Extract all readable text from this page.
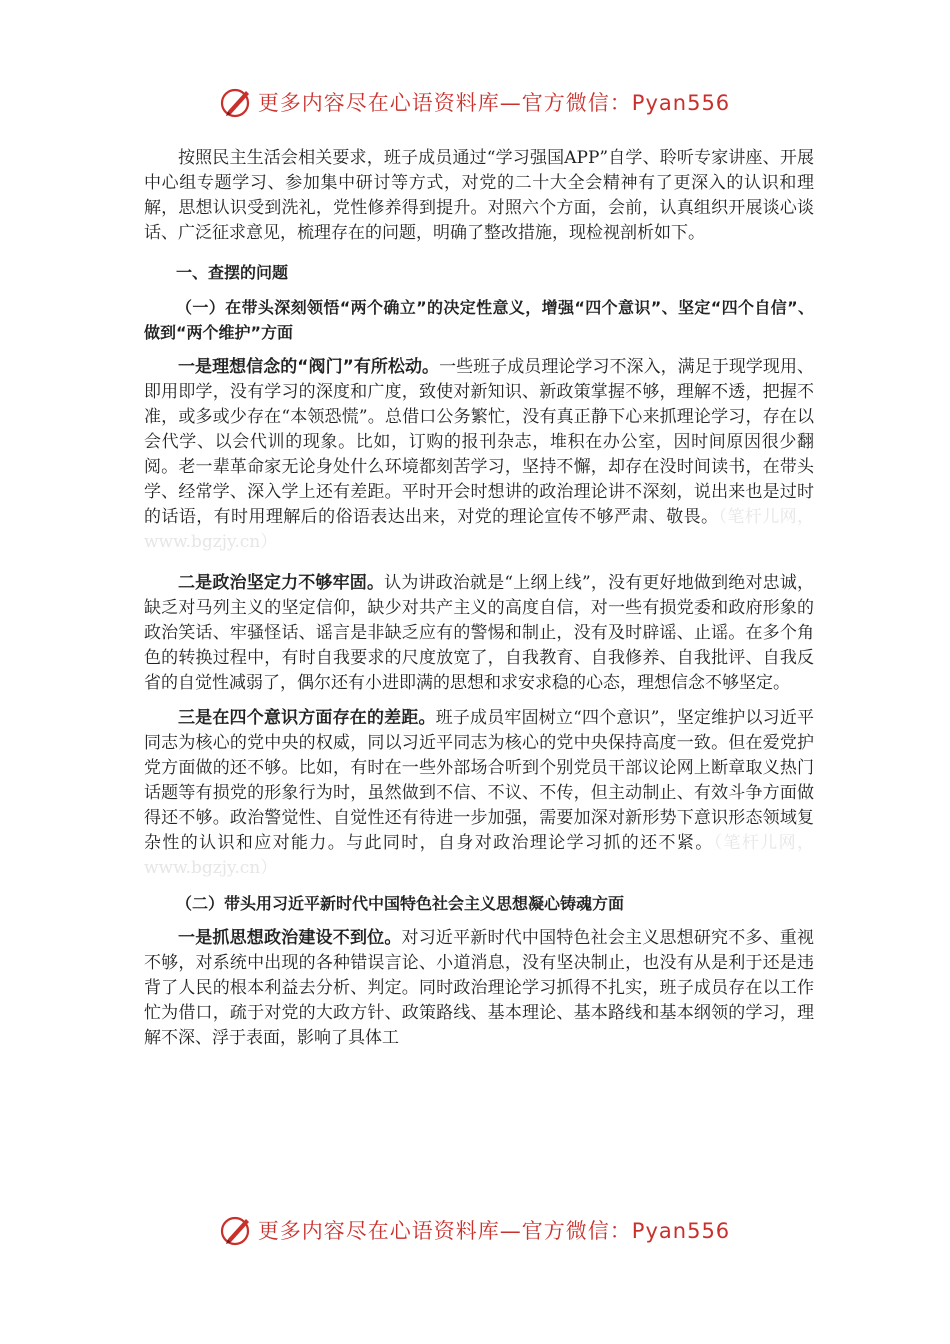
更多内容尽在心语资料库—官方微信：Pyan556

按照民主生活会相关要求，班子成员通过“学习强国APP”自学、聆听专家讲座、开展中心组专题学习、参加集中研讨等方式，对党的二十大全会精神有了更深入的认识和理解，思想认识受到洗礼，党性修养得到提升。对照六个方面，会前，认真组织开展谈心谈话、广泛征求意见，梳理存在的问题，明确了整改措施，现检视剖析如下。

一、查摆的问题
（一）在带头深刻领悟“两个确立”的决定性意义，增强“四个意识”、坚定“四个自信”、做到“两个维护”方面

一是理想信念的“阀门”有所松动。一些班子成员理论学习不深入，满足于现学现用、即用即学，没有学习的深度和广度，致使对新知识、新政策掌握不够，理解不透，把握不准，或多或少存在“本领恐慌”。总借口公务繁忙，没有真正静下心来抓理论学习，存在以会代学、以会代训的现象。比如，订购的报刊杂志，堆积在办公室，因时间原因很少翻阅。老一辈革命家无论身处什么环境都刻苦学习，坚持不懈，却存在没时间读书，在带头学、经常学、深入学上还有差距。平时开会时想讲的政治理论讲不深刻，说出来也是过时的话语，有时用理解后的俗语表达出来，对党的理论宣传不够严肃、敬畏。（笔杆儿网，www.bgzjy.cn）

二是政治坚定力不够牢固。认为讲政治就是“上纲上线”，没有更好地做到绝对忠诚，缺乏对马列主义的坚定信仰，缺少对共产主义的高度自信，对一些有损党委和政府形象的政治笑话、牢骚怪话、谣言是非缺乏应有的警惕和制止，没有及时辟谣、止谣。在多个角色的转换过程中，有时自我要求的尺度放宽了，自我教育、自我修养、自我批评、自我反省的自觉性减弱了，偶尔还有小进即满的思想和求安求稳的心态，理想信念不够坚定。

三是在四个意识方面存在的差距。班子成员牢固树立“四个意识”，坚定维护以习近平同志为核心的党中央的权威，同以习近平同志为核心的党中央保持高度一致。但在爱党护党方面做的还不够。比如，有时在一些外部场合听到个别党员干部议论网上断章取义热门话题等有损党的形象行为时，虽然做到不信、不议、不传，但主动制止、有效斗争方面做得还不够。政治警觉性、自觉性还有待进一步加强，需要加深对新形势下意识形态领域复杂性的认识和应对能力。与此同时，自身对政治理论学习抓的还不紧。（笔杆儿网，www.bgzjy.cn）

（二）带头用习近平新时代中国特色社会主义思想凝心铸魂方面

一是抓思想政治建设不到位。对习近平新时代中国特色社会主义思想研究不多、重视不够，对系统中出现的各种错误言论、小道消息，没有坚决制止，也没有从是利于还是违背了人民的根本利益去分析、判定。同时政治理论学习抓得不扎实，班子成员存在以工作忙为借口，疏于对党的大政方针、政策路线、基本理论、基本路线和基本纲领的学习，理解不深、浮于表面，影响了具体工

更多内容尽在心语资料库—官方微信：Pyan556
